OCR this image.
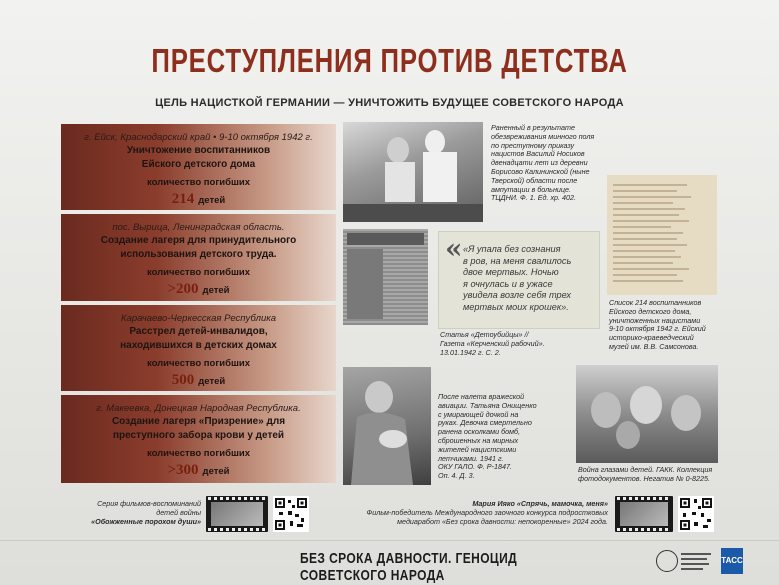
ПРЕСТУПЛЕНИЯ ПРОТИВ ДЕТСТВА
ЦЕЛЬ НАЦИСТКОЙ ГЕРМАНИИ — УНИЧТОЖИТЬ БУДУЩЕЕ СОВЕТСКОГО НАРОДА
г. Ейск, Краснодарский край • 9-10 октября 1942 г.
Уничтожение воспитанников
Ейского детского дома
количество погибших
214 детей
пос. Вырица, Ленинградская область.
Создание лагеря для принудительного
использования детского труда.
количество погибших
>200 детей
Карачаево-Черкесская Республика
Расстрел детей-инвалидов,
находившихся в детских домах
количество погибших
500 детей
г. Макеевка, Донецкая Народная Республика.
Создание лагеря «Призрение» для
преступного забора крови у детей
количество погибших
>300 детей
Раненный в результате
обезвреживания минного поля
по преступному приказу
нацистов Василий Носиков
двенадцати лет из деревни
Борисово Калининской (ныне
Тверской) области после
ампутации в больнице.
ТЦДНИ. Ф. 1. Ед. хр. 402.
Список 214 воспитанников
Ейского детского дома,
уничтоженных нацистами
9-10 октября 1942 г. Ейский
историко-краеведческий
музей им. В.В. Самсонова.
Статья «Детоубийцы» //
Газета «Керченский рабочий».
13.01.1942 г. С. 2.
« «Я упала без сознания
в ров, на меня свалилось
двое мертвых. Ночью
я очнулась и в ужасе
увидела возле себя трех
мертвых моих крошек».
После налета вражеской
авиации. Татьяна Онищенко
с умирающей дочкой на
руках. Девочка смертельно
ранена осколками бомб,
сброшенных на мирных
жителей нацистскими
летчиками. 1941 г.
ОКУ ГАЛО. Ф. Р-1847.
Оп. 4. Д. 3.
Война глазами детей. ГАКК. Коллекция
фотодокументов. Негатив № 0-8225.
Серия фильмов-воспоминаний
детей войны
«Обожженные порохом души»
Мария Ияко «Спрячь, мамочка, меня»
Фильм-победитель Международного заочного конкурса подростковых
медиаработ «Без срока давности: непокоренные» 2024 года.
БЕЗ СРОКА ДАВНОСТИ. ГЕНОЦИД СОВЕТСКОГО НАРОДА
ТАСС
